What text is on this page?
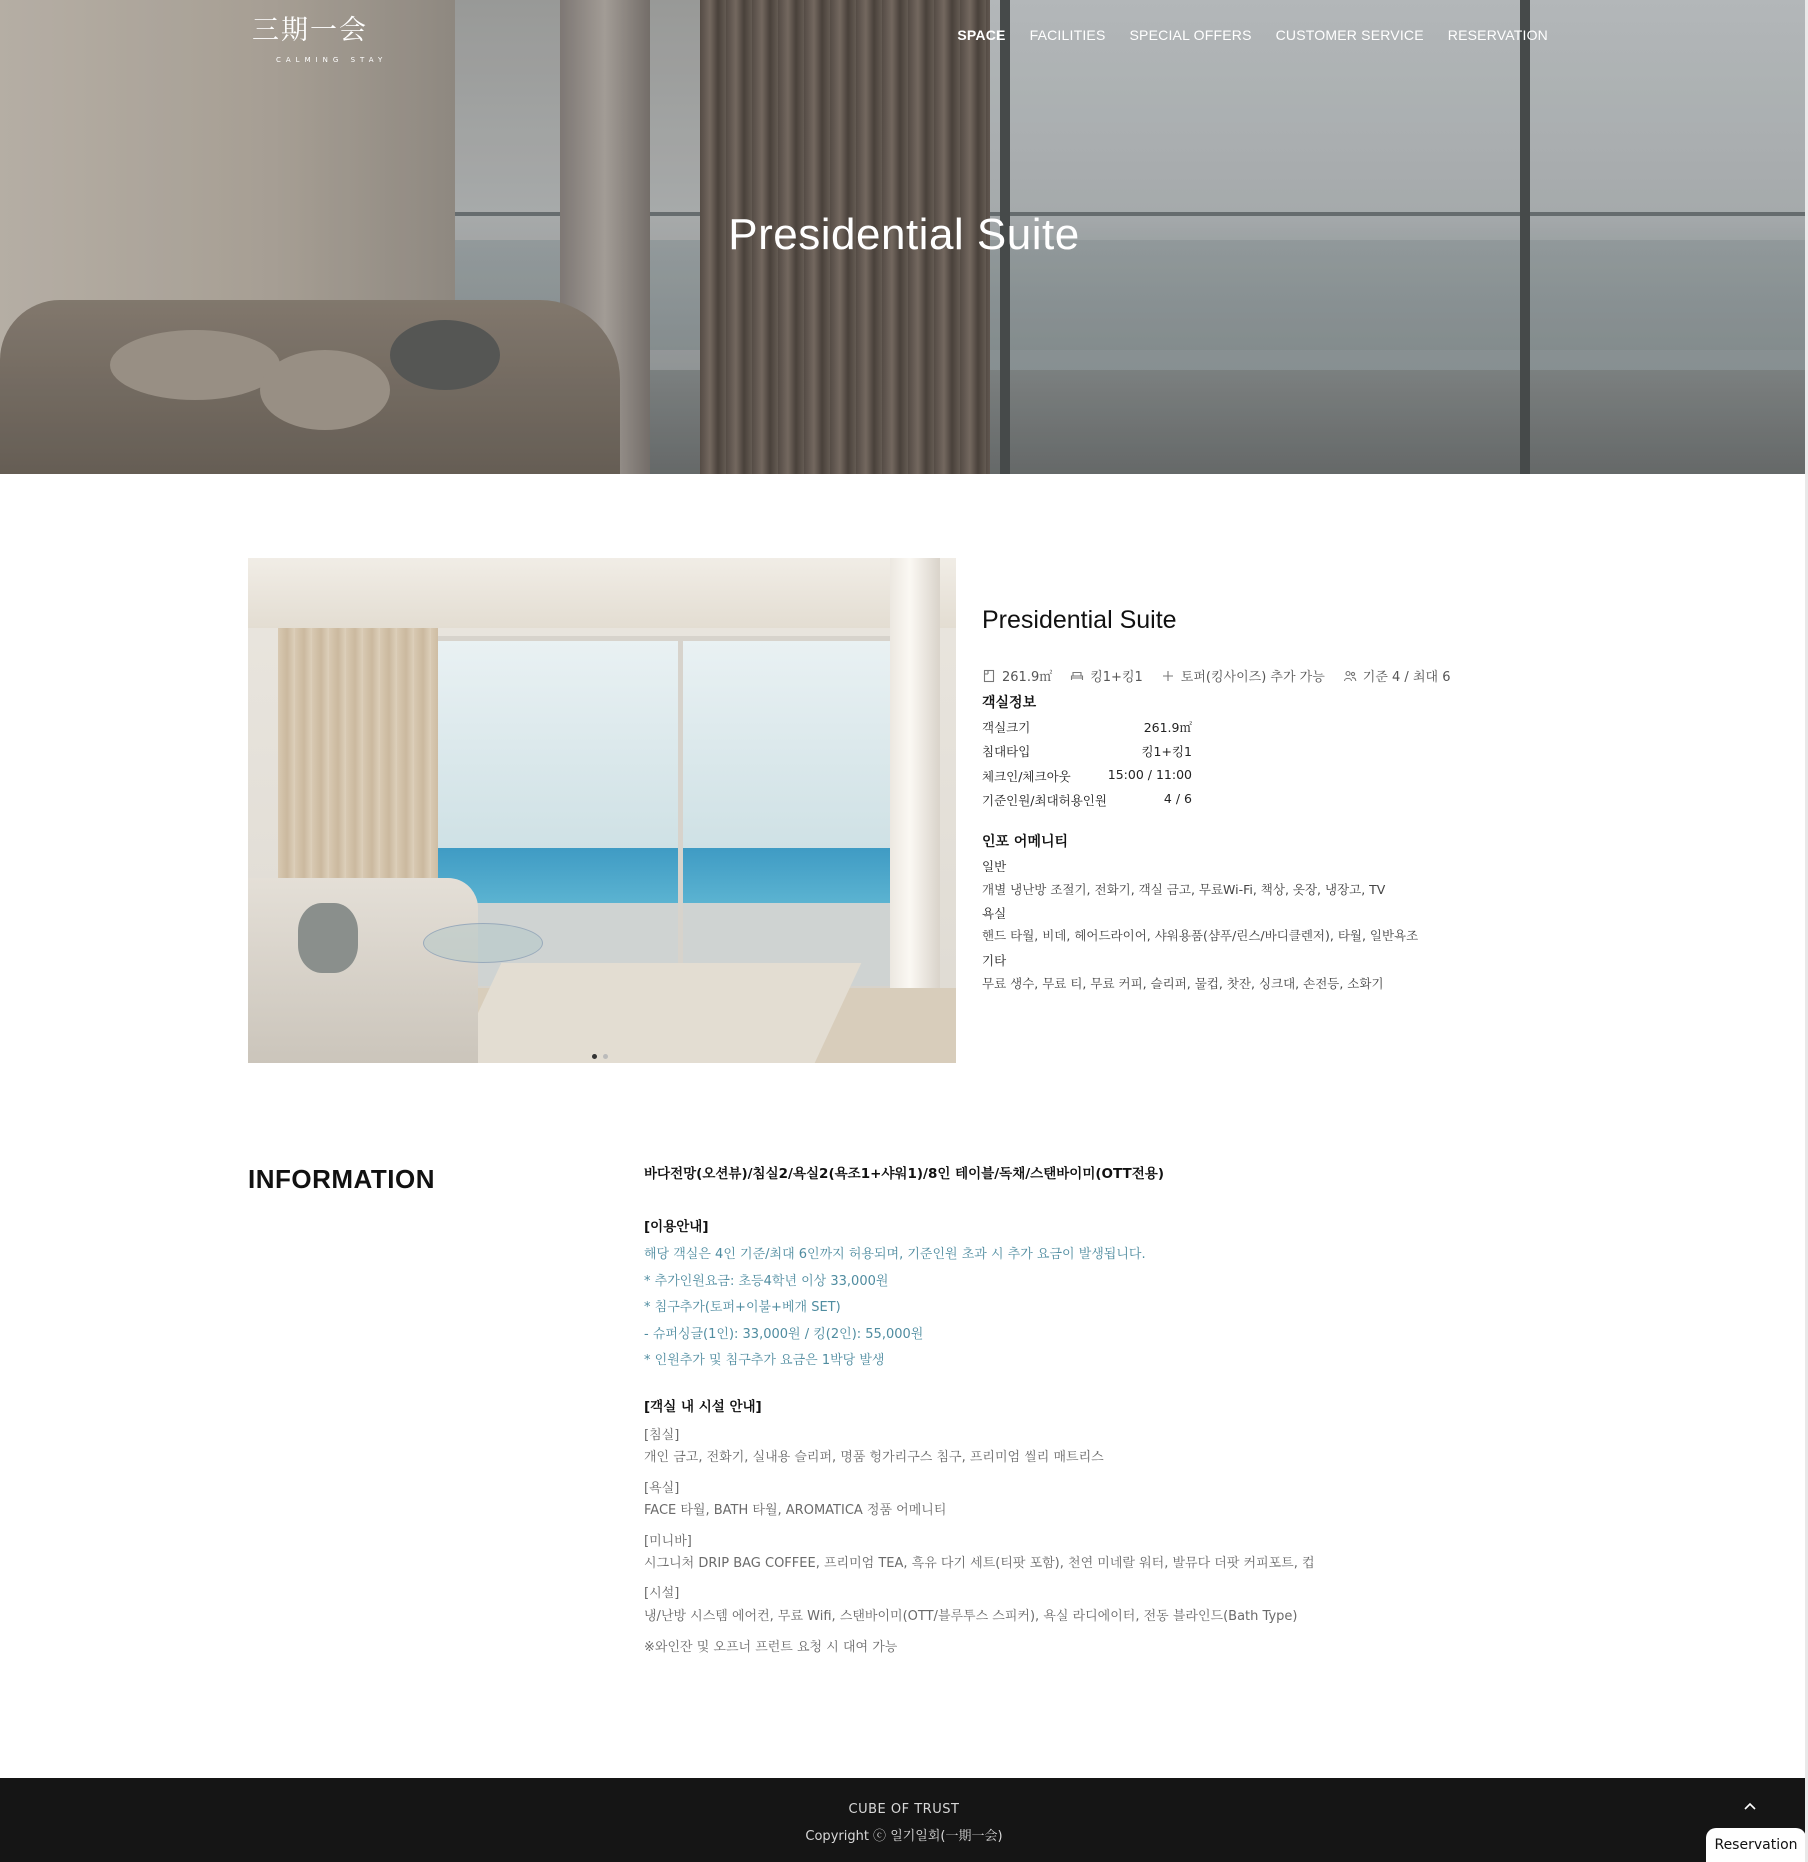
三期一会
CALMING STAY
SPACE FACILITIES SPECIAL OFFERS CUSTOMER SERVICE RESERVATION
Presidential Suite
Presidential Suite
261.9㎡	킹1+킹1	토퍼(킹사이즈) 추가 가능	기준 4 / 최대 6
객실정보
객실크기	261.9㎡
침대타입	킹1+킹1
체크인/체크아웃	15:00 / 11:00
기준인원/최대허용인원	4 / 6
인포 어메니티
일반
개별 냉난방 조절기, 전화기, 객실 금고, 무료Wi-Fi, 책상, 옷장, 냉장고, TV
욕실
핸드 타월, 비데, 헤어드라이어, 샤워용품(샴푸/린스/바디클렌저), 타월, 일반욕조
기타
무료 생수, 무료 티, 무료 커피, 슬리퍼, 물컵, 찻잔, 싱크대, 손전등, 소화기
INFORMATION	바다전망(오션뷰)/침실2/욕실2(욕조1+샤워1)/8인 테이블/독채/스탠바이미(OTT전용)
[이용안내]
해당 객실은 4인 기준/최대 6인까지 허용되며, 기준인원 초과 시 추가 요금이 발생됩니다.
* 추가인원요금: 초등4학년 이상 33,000원
* 침구추가(토퍼+이불+베개 SET)
- 슈퍼싱글(1인): 33,000원 / 킹(2인): 55,000원
* 인원추가 및 침구추가 요금은 1박당 발생
[객실 내 시설 안내]
[침실]
개인 금고, 전화기, 실내용 슬리퍼, 명품 헝가리구스 침구, 프리미엄 씰리 매트리스
[욕실]
FACE 타월, BATH 타월, AROMATICA 정품 어메니티
[미니바]
시그니처 DRIP BAG COFFEE, 프리미엄 TEA, 흑유 다기 세트(티팟 포함), 천연 미네랄 워터, 발뮤다 더팟 커피포트, 컵
[시설]
냉/난방 시스템 에어컨, 무료 Wifi, 스탠바이미(OTT/블루투스 스피커), 욕실 라디에이터, 전동 블라인드(Bath Type)
※와인잔 및 오프너 프런트 요청 시 대여 가능
CUBE OF TRUST
Copyright ⓒ 일기일회(一期一会)
Reservation
